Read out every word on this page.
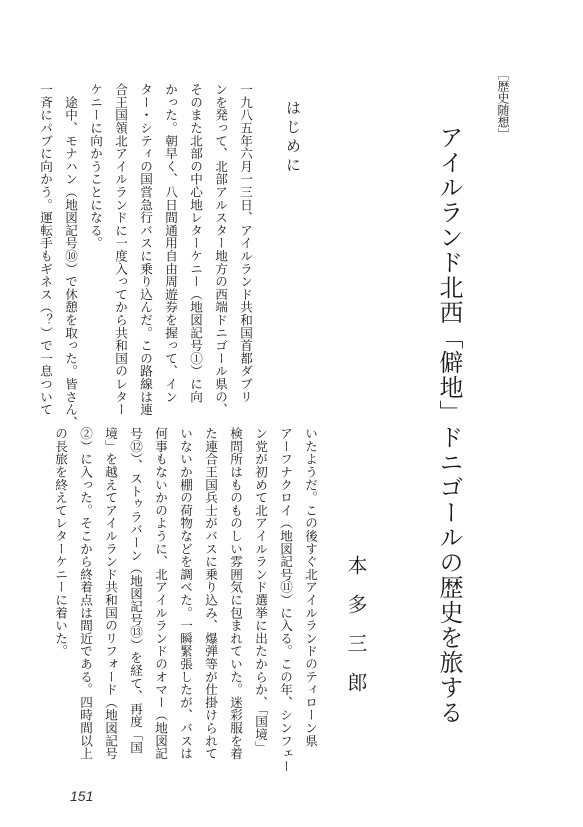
［歴史随想］
アイルランド北西「僻地」ドニゴールの歴史を旅する
本多三郎
はじめに

一九八五年六月一三日、アイルランド共和国首都ダブリ

ンを発って、北部アルスター地方の西端ドニゴール県の、

そのまた北部の中心地レターケニー（地図記号①）に向

かった。朝早く、八日間通用自由周遊券を握って、イン

ター・シティの国営急行バスに乗り込んだ。この路線は連

合王国領北アイルランドに一度入ってから共和国のレター

ケニーに向かうことになる。

　途中、モナハン（地図記号⑩）で休憩を取った。皆さん、

一斉にパブに向かう。運転手もギネス（？）で一息ついて

いたようだ。この後すぐ北アイルランドのティローン県

アーフナクロイ（地図記号⑪）に入る。この年、シンフェー

ン党が初めて北アイルランド選挙に出たからか、「国境」

検問所はものものしい雰囲気に包まれていた。迷彩服を着

た連合王国兵士がバスに乗り込み、爆弾等が仕掛けられて

いないか棚の荷物などを調べた。一瞬緊張したが、バスは

何事もないかのように、北アイルランドのオマー（地図記

号⑫）、ストゥラバーン（地図記号⑬）を経て、再度「国

境」を越えてアイルランド共和国のリフォード（地図記号

②）に入った。そこから終着点は間近である。四時間以上

の長旅を終えてレターケニーに着いた。

151
